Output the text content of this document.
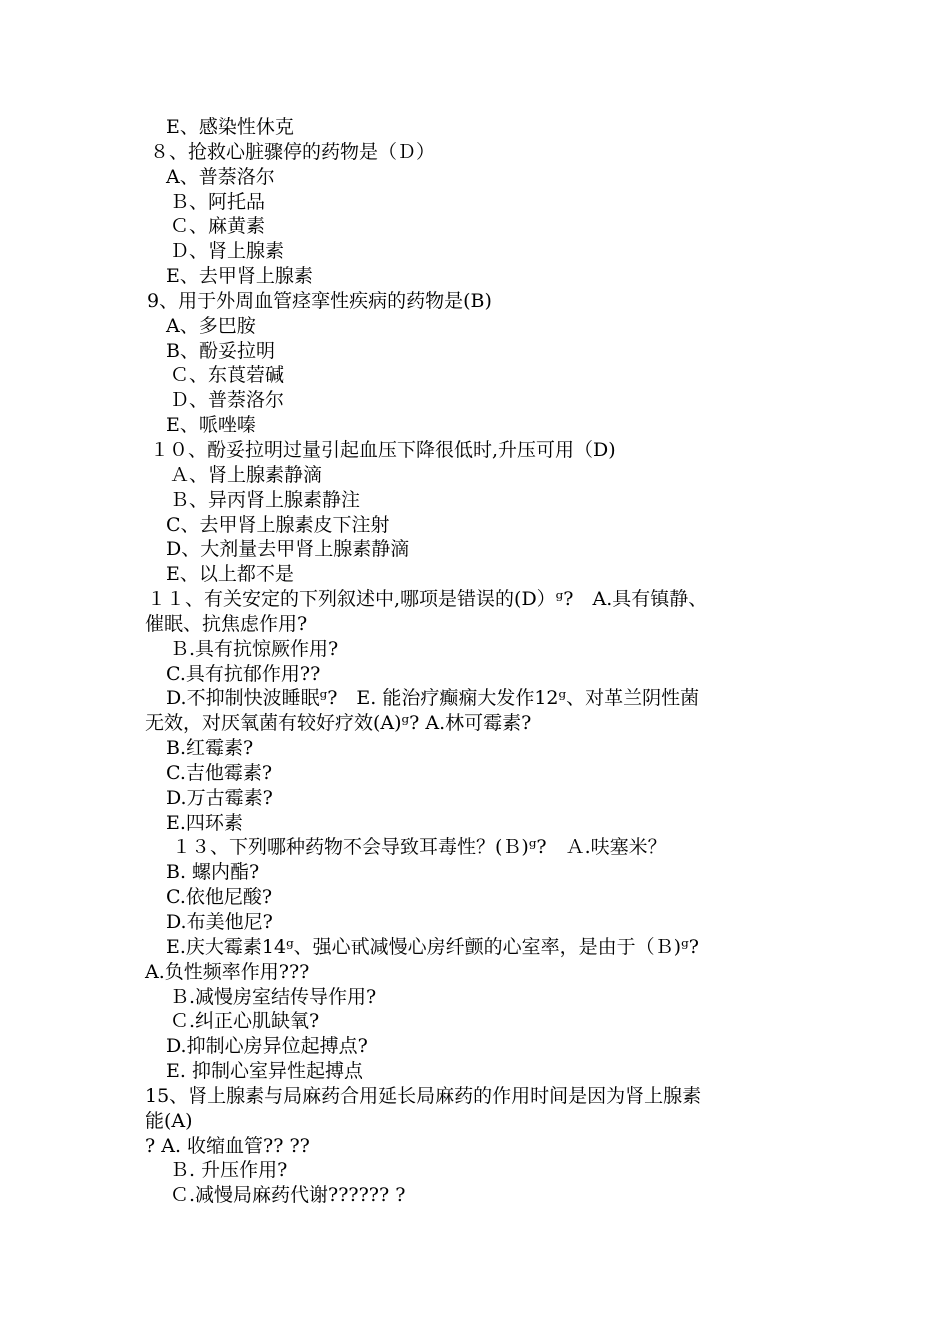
E、感染性休克
８、抢救心脏骤停的药物是（Ｄ）
A、普萘洛尔
Ｂ、阿托品
Ｃ、麻黄素
Ｄ、肾上腺素
E、去甲肾上腺素
9、用于外周血管痉挛性疾病的药物是(B)
A、多巴胺
B、酚妥拉明
Ｃ、东莨菪碱
Ｄ、普萘洛尔
E、哌唑嗪
１０、酚妥拉明过量引起血压下降很低时,升压可用（D)
Ａ、肾上腺素静滴
Ｂ、异丙肾上腺素静注
C、去甲肾上腺素皮下注射
D、大剂量去甲肾上腺素静滴
E、以上都不是
１１、有关安定的下列叙述中,哪项是错误的(D）ᵍ?　A.具有镇静、
催眠、抗焦虑作用?
Ｂ.具有抗惊厥作用?
C.具有抗郁作用??
D.不抑制快波睡眠ᵍ?　E. 能治疗癫痫大发作12ᵍ、对革兰阴性菌
无效，对厌氧菌有较好疗效(A)ᵍ? A.林可霉素?
B.红霉素?
C.吉他霉素?
D.万古霉素?
E.四环素
１３、下列哪种药物不会导致耳毒性？(Ｂ)ᵍ?　Ａ.呋塞米？
B. 螺内酯?
C.依他尼酸?
D.布美他尼?
E.庆大霉素14ᵍ、强心甙减慢心房纤颤的心室率，是由于（Ｂ)ᵍ?
A.负性频率作用???
Ｂ.减慢房室结传导作用?
Ｃ.纠正心肌缺氧?
D.抑制心房异位起搏点?
E. 抑制心室异性起搏点
15、肾上腺素与局麻药合用延长局麻药的作用时间是因为肾上腺素
能(A)
? A. 收缩血管?? ??
Ｂ. 升压作用?
Ｃ.减慢局麻药代谢?????? ?
